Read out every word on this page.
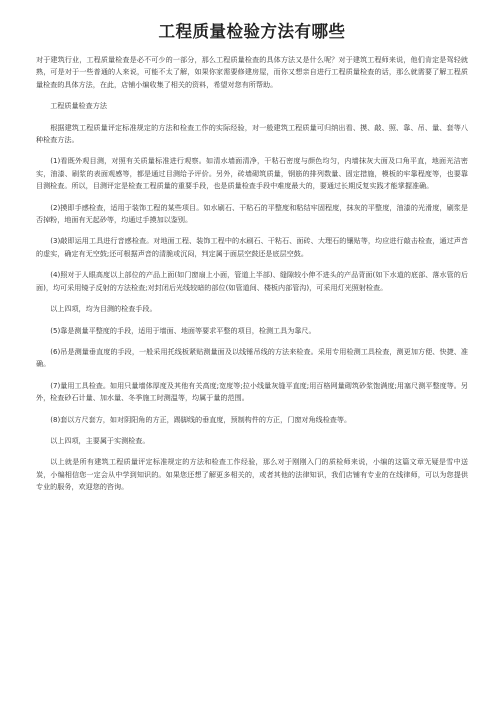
工程质量检验方法有哪些

对于建筑行业，工程质量检查是必不可少的一部分，那么工程质量检查的具体方法又是什么呢？对于建筑工程师来说，他们肯定是驾轻就熟，可是对于一些普通的人来说，可能不太了解，如果你家需要修建房屋，而你又想亲自进行工程质量检查的话，那么就需要了解工程质量检查的具体方法，在此，店铺小编收集了相关的资料，希望对您有所帮助。

工程质量检查方法

根据建筑工程质量评定标准规定的方法和检查工作的实际经验，对一般建筑工程质量可归纳出看、摸、敲、照、靠、吊、量、套等八种检查方法。

(1)看既外观目测，对照有关质量标准进行观察。如清水墙面清净，干粘石密度与颜色均匀，内墙抹灰大面及口角平直，地面光洁密实，油漆、刷浆的表面观感等，都是通过目测给予评价。另外，砖墙砌筑质量，钢筋的排列数量、固定措施，模板的牢靠程度等，也要靠目测检查。所以，目测评定是检查工程质量的重要手段，也是质量检查手段中难度最大的，要通过长期反复实践才能掌握准确。

(2)摸即手感检查，适用于装饰工程的某些项目。如水刷石、干粘石的平整度和粘结牢固程度，抹灰的平整度，油漆的光滑度，刷浆是否掉粉，地面有无起砂等，均通过手摸加以鉴别。

(3)敲即运用工具进行音感检查。对地面工程、装饰工程中的水刷石、干粘石、面砖、大理石的镶贴等，均应进行敲击检查，通过声音的虚实，确定有无空鼓;还可根据声音的清脆或沉闷，判定属于面层空鼓还是底层空鼓。

(4)照对于人眼高度以上部位的产品上面(如门窗扇上小面，管道上半部)、缝隙较小伸不进头的产品背面(如下水道的底部、落水管的后面)，均可采用镜子反射的方法检查;对封闭后光线较暗的部位(如管道间、楼板内部管沟)，可采用灯光照射检查。

以上四项，均为目测的检查手段。

(5)靠是测量平整度的手段，适用于墙面、地面等要求平整的项目，检测工具为靠尺。

(6)吊是测量垂直度的手段，一般采用托线板紧贴测量面及以线锤吊线的方法来检查。采用专用检测工具检查，测更加方便、快捷、准确。

(7)量用工具检查。如用只量墙体厚度及其他有关高度;宽度等;拉小线量灰缝平直度;用百格网量砌筑砂浆饱满度;用塞尺测平整度等。另外，检查砂石计量、加水量、冬季施工时测温等，均属于量的范围。

(8)套以方尺套方，如对阴阳角的方正，踢脚线的垂直度，预制构件的方正，门窗对角线检查等。

以上四项，主要属于实测检查。

以上就是所有建筑工程质量评定标准规定的方法和检查工作经验，那么对于刚刚入门的质检师来说，小编的这篇文章无疑是雪中送炭，小编相信您一定会从中学到知识的。如果您还想了解更多相关的，或者其他的法律知识，我们店铺有专业的在线律师，可以为您提供专业的服务，欢迎您的咨询。
